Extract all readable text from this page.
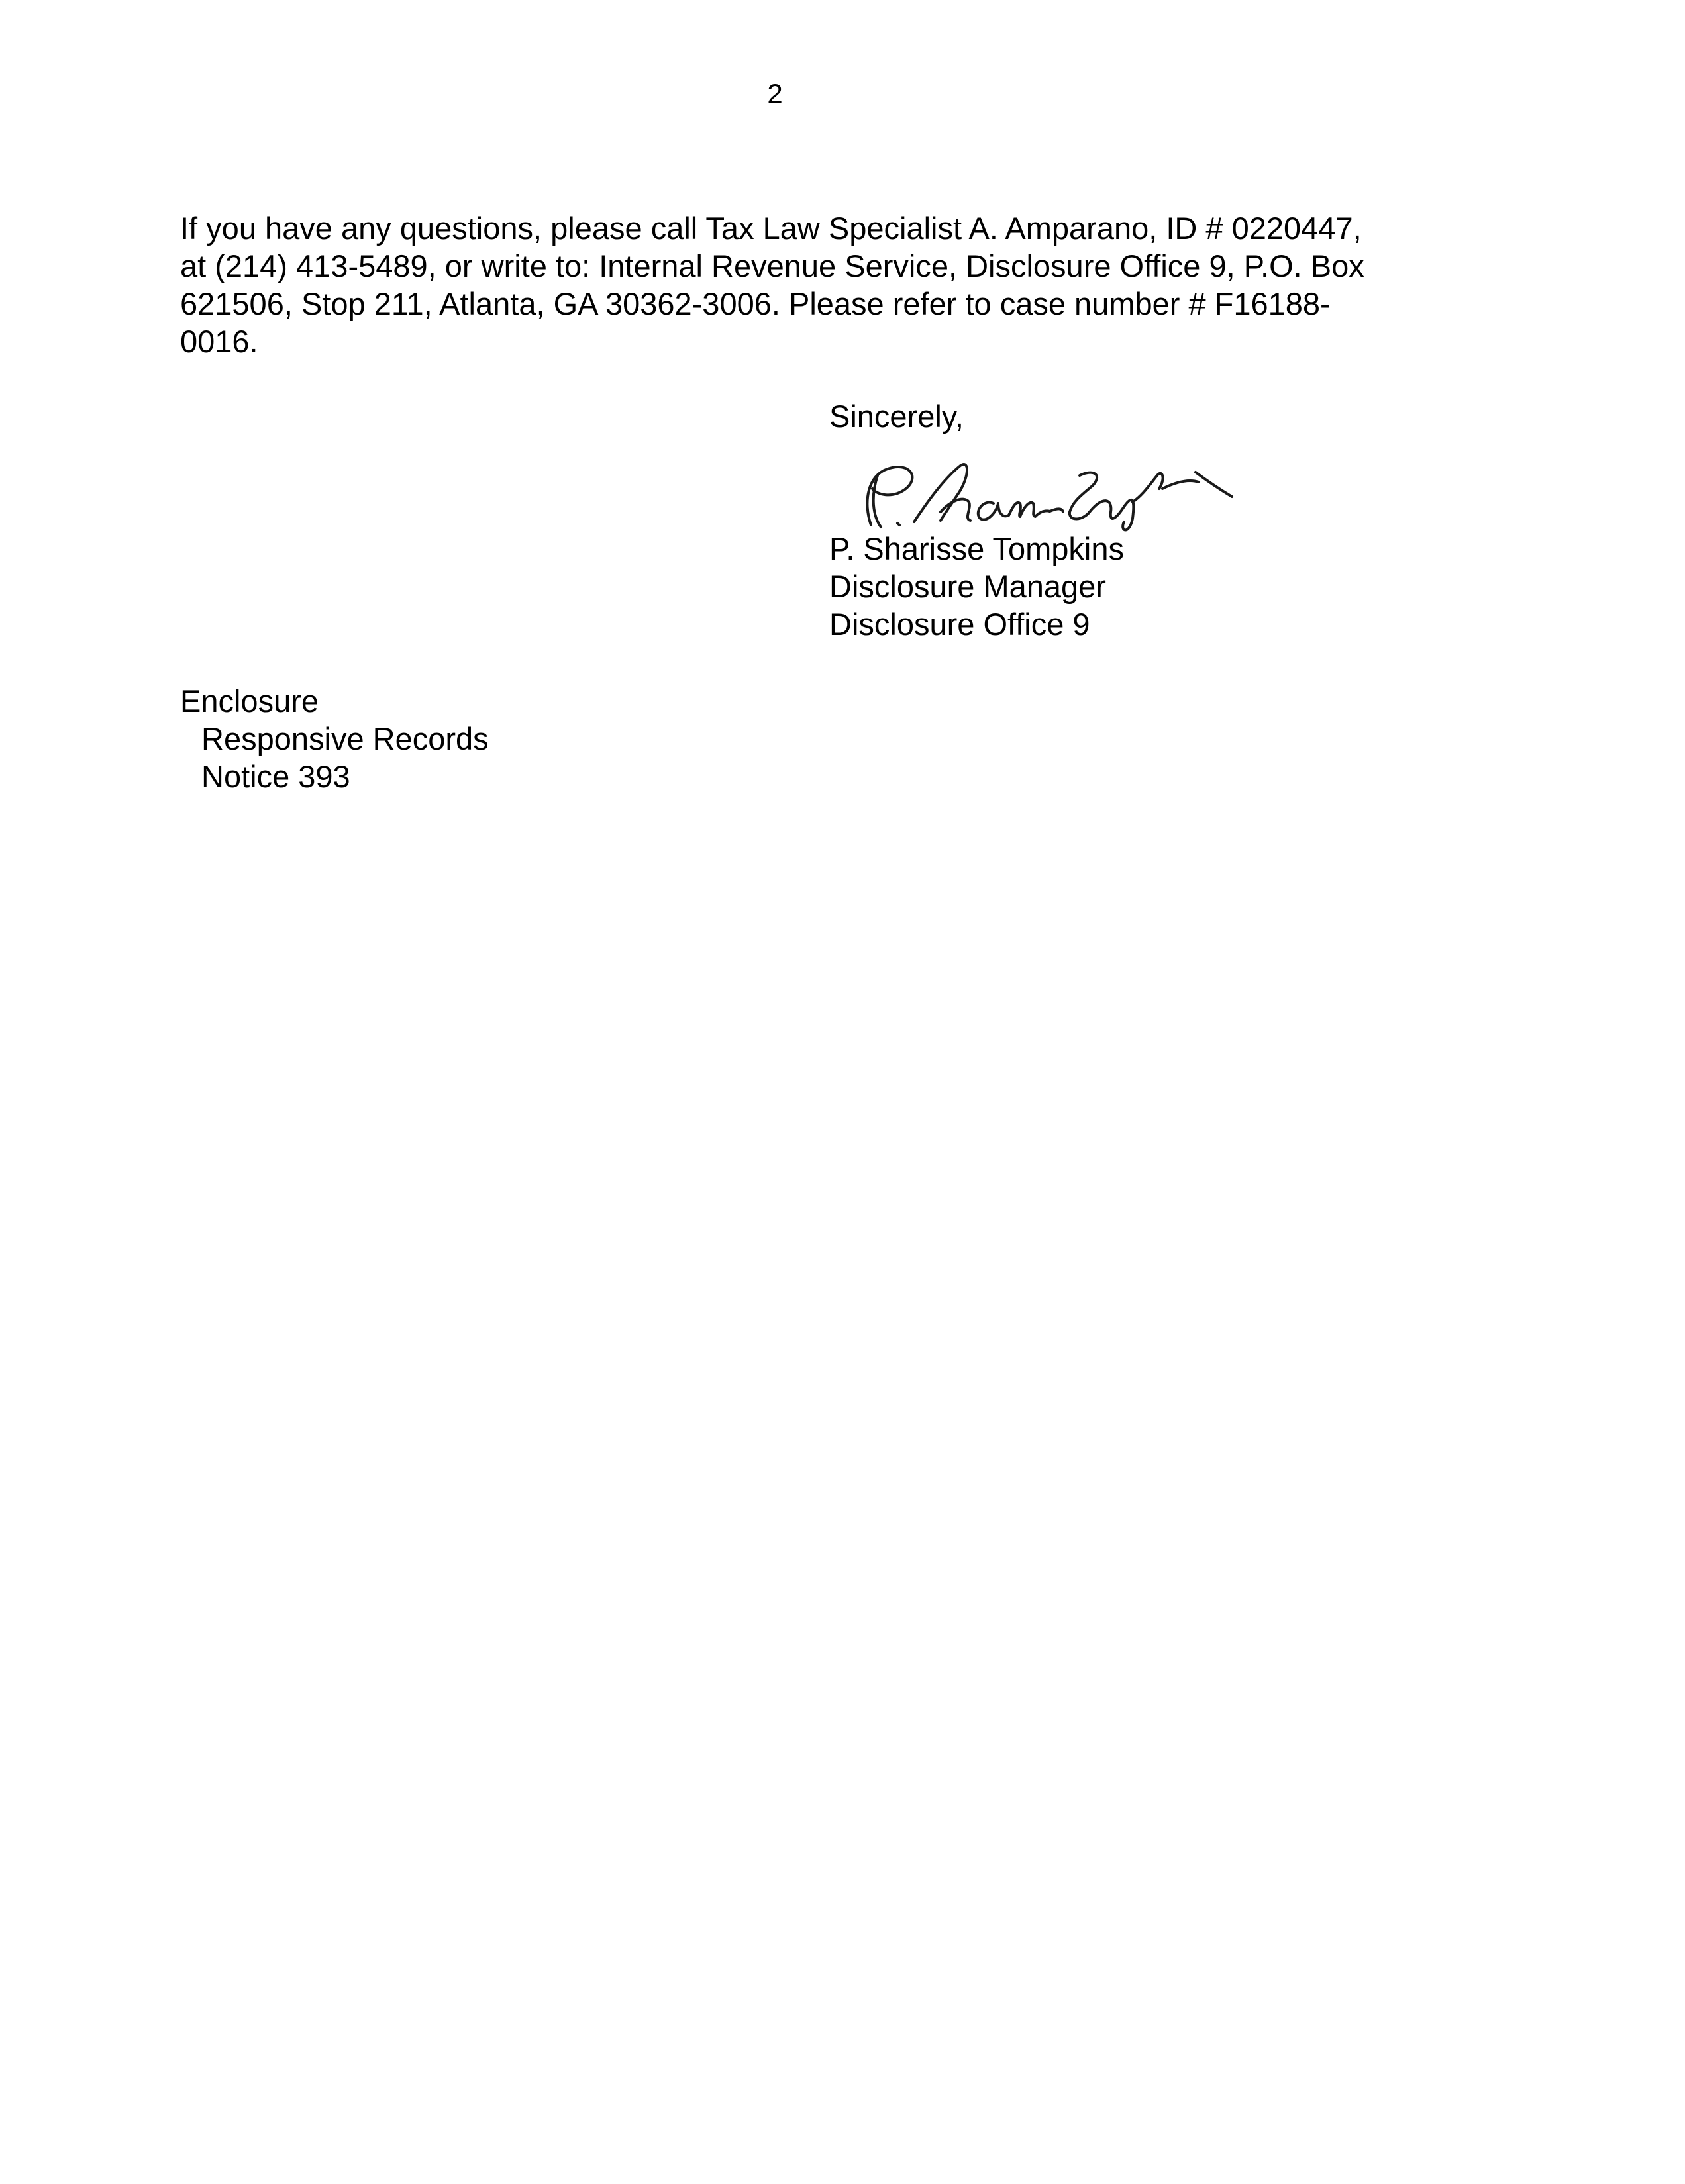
2

If you have any questions, please call Tax Law Specialist A. Amparano, ID # 0220447,
at (214) 413-5489, or write to: Internal Revenue Service, Disclosure Office 9, P.O. Box
621506, Stop 211, Atlanta, GA 30362-3006. Please refer to case number # F16188-
0016.

Sincerely,
P. Sharisse Tompkins
Disclosure Manager
Disclosure Office 9
Enclosure
Responsive Records
Notice 393
